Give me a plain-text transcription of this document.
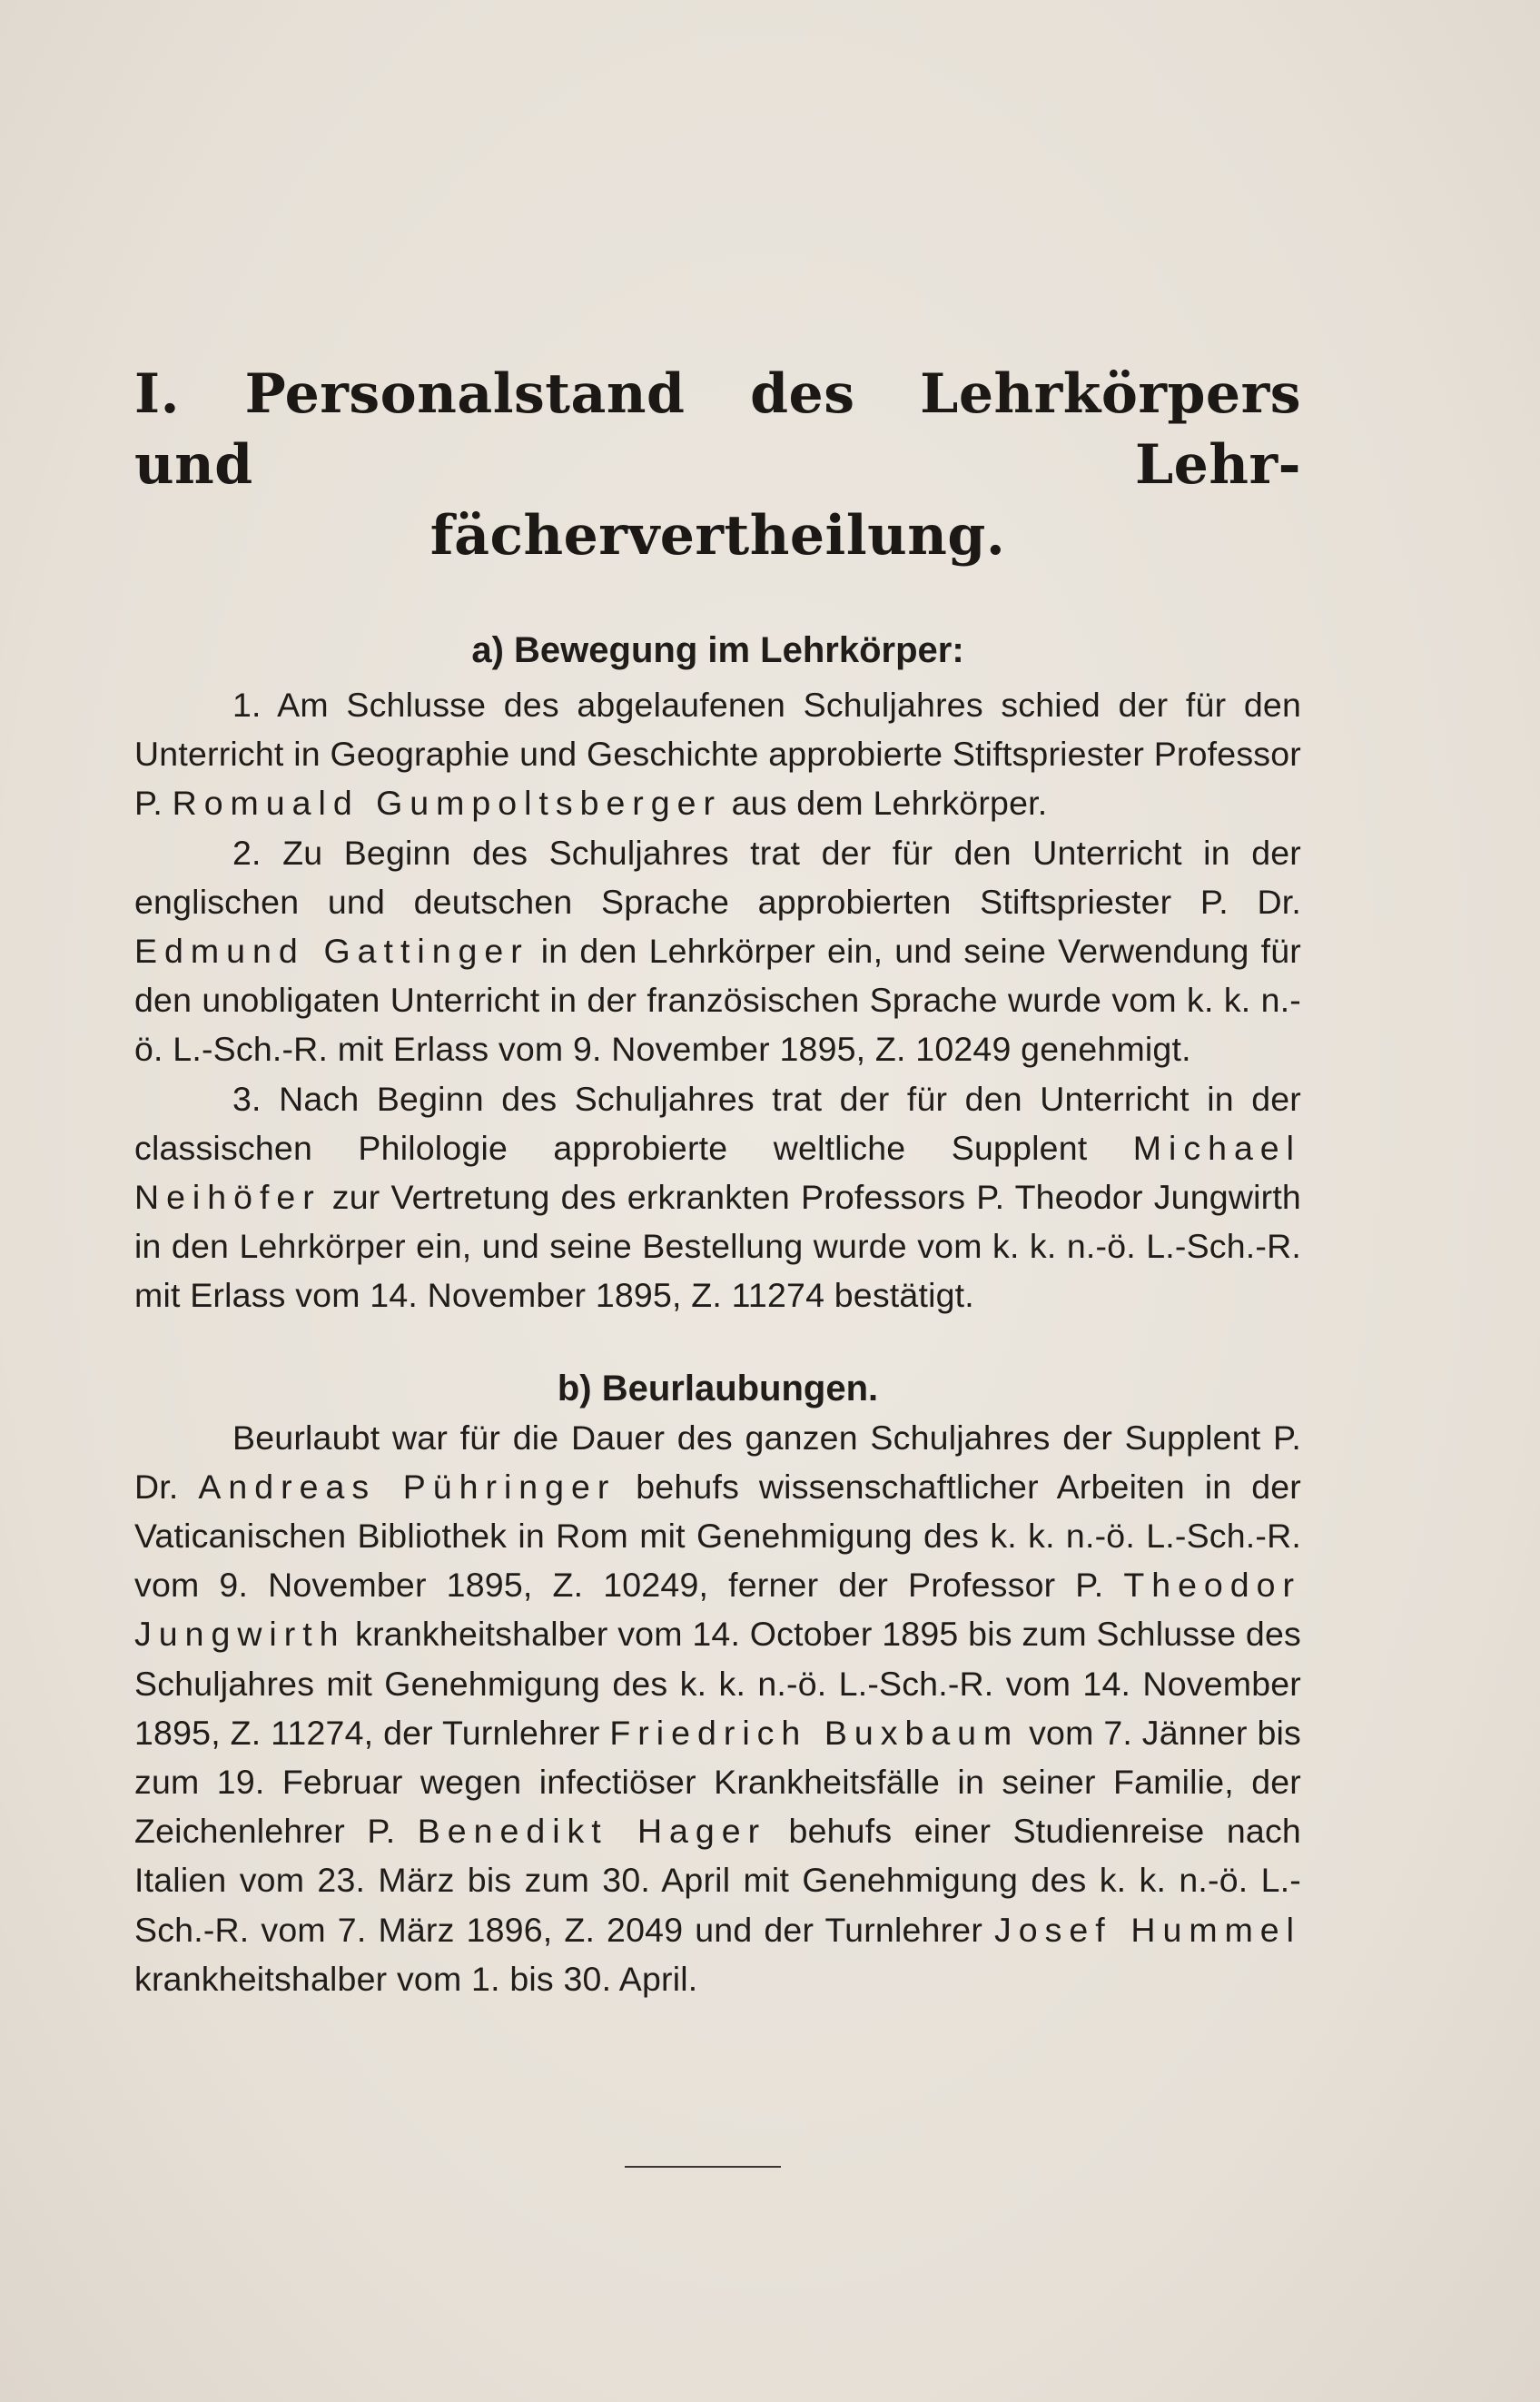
I. Personalstand des Lehrkörpers und Lehr-
fächervertheilung.
a) Bewegung im Lehrkörper:

1. Am Schlusse des abgelaufenen Schuljahres schied der für den Unterricht in Geographie und Geschichte approbierte Stiftspriester Professor P. Romuald Gumpoltsberger aus dem Lehrkörper.

2. Zu Beginn des Schuljahres trat der für den Unterricht in der englischen und deutschen Sprache approbierten Stiftspriester P. Dr. Edmund Gattinger in den Lehrkörper ein, und seine Verwendung für den unobligaten Unterricht in der französischen Sprache wurde vom k. k. n.-ö. L.-Sch.-R. mit Erlass vom 9. November 1895, Z. 10249 genehmigt.

3. Nach Beginn des Schuljahres trat der für den Unterricht in der classischen Philologie approbierte weltliche Supplent Michael Neihöfer zur Vertretung des erkrankten Professors P. Theodor Jungwirth in den Lehrkörper ein, und seine Bestellung wurde vom k. k. n.-ö. L.-Sch.-R. mit Erlass vom 14. November 1895, Z. 11274 bestätigt.

b) Beurlaubungen.

Beurlaubt war für die Dauer des ganzen Schuljahres der Supplent P. Dr. Andreas Pühringer behufs wissenschaftlicher Arbeiten in der Vaticanischen Bibliothek in Rom mit Genehmigung des k. k. n.-ö. L.-Sch.-R. vom 9. November 1895, Z. 10249, ferner der Professor P. Theodor Jungwirth krankheitshalber vom 14. October 1895 bis zum Schlusse des Schuljahres mit Genehmigung des k. k. n.-ö. L.-Sch.-R. vom 14. November 1895, Z. 11274, der Turnlehrer Friedrich Buxbaum vom 7. Jänner bis zum 19. Februar wegen infectiöser Krankheitsfälle in seiner Familie, der Zeichenlehrer P. Benedikt Hager behufs einer Studienreise nach Italien vom 23. März bis zum 30. April mit Genehmigung des k. k. n.-ö. L.-Sch.-R. vom 7. März 1896, Z. 2049 und der Turnlehrer Josef Hummel krankheitshalber vom 1. bis 30. April.
